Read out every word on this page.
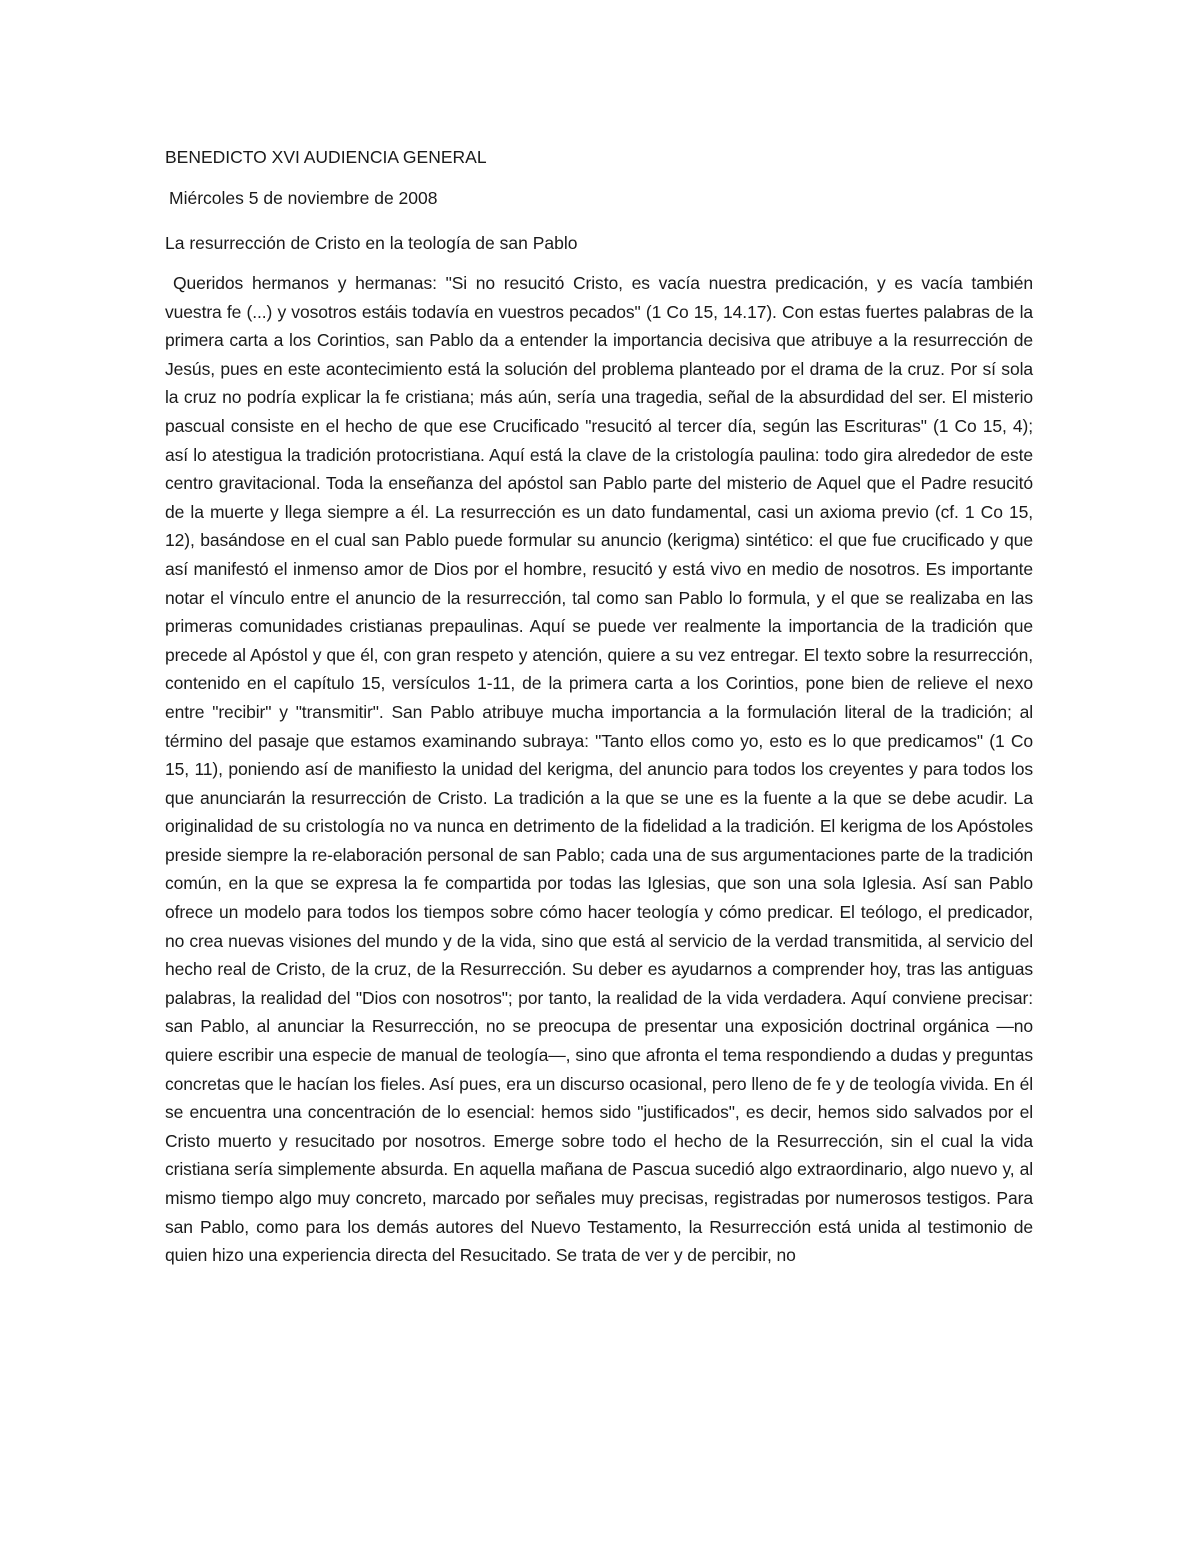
BENEDICTO XVI AUDIENCIA GENERAL

Miércoles 5 de noviembre de 2008

La resurrección de Cristo en la teología de san Pablo

Queridos hermanos y hermanas: "Si no resucitó Cristo, es vacía nuestra predicación, y es vacía también vuestra fe (...) y vosotros estáis todavía en vuestros pecados" (1 Co 15, 14.17). Con estas fuertes palabras de la primera carta a los Corintios, san Pablo da a entender la importancia decisiva que atribuye a la resurrección de Jesús, pues en este acontecimiento está la solución del problema planteado por el drama de la cruz. Por sí sola la cruz no podría explicar la fe cristiana; más aún, sería una tragedia, señal de la absurdidad del ser. El misterio pascual consiste en el hecho de que ese Crucificado "resucitó al tercer día, según las Escrituras" (1 Co 15, 4); así lo atestigua la tradición protocristiana. Aquí está la clave de la cristología paulina: todo gira alrededor de este centro gravitacional. Toda la enseñanza del apóstol san Pablo parte del misterio de Aquel que el Padre resucitó de la muerte y llega siempre a él. La resurrección es un dato fundamental, casi un axioma previo (cf. 1 Co 15, 12), basándose en el cual san Pablo puede formular su anuncio (kerigma) sintético: el que fue crucificado y que así manifestó el inmenso amor de Dios por el hombre, resucitó y está vivo en medio de nosotros. Es importante notar el vínculo entre el anuncio de la resurrección, tal como san Pablo lo formula, y el que se realizaba en las primeras comunidades cristianas prepaulinas. Aquí se puede ver realmente la importancia de la tradición que precede al Apóstol y que él, con gran respeto y atención, quiere a su vez entregar. El texto sobre la resurrección, contenido en el capítulo 15, versículos 1-11, de la primera carta a los Corintios, pone bien de relieve el nexo entre "recibir" y "transmitir". San Pablo atribuye mucha importancia a la formulación literal de la tradición; al término del pasaje que estamos examinando subraya: "Tanto ellos como yo, esto es lo que predicamos" (1 Co 15, 11), poniendo así de manifiesto la unidad del kerigma, del anuncio para todos los creyentes y para todos los que anunciarán la resurrección de Cristo. La tradición a la que se une es la fuente a la que se debe acudir. La originalidad de su cristología no va nunca en detrimento de la fidelidad a la tradición. El kerigma de los Apóstoles preside siempre la re-elaboración personal de san Pablo; cada una de sus argumentaciones parte de la tradición común, en la que se expresa la fe compartida por todas las Iglesias, que son una sola Iglesia. Así san Pablo ofrece un modelo para todos los tiempos sobre cómo hacer teología y cómo predicar. El teólogo, el predicador, no crea nuevas visiones del mundo y de la vida, sino que está al servicio de la verdad transmitida, al servicio del hecho real de Cristo, de la cruz, de la Resurrección. Su deber es ayudarnos a comprender hoy, tras las antiguas palabras, la realidad del "Dios con nosotros"; por tanto, la realidad de la vida verdadera. Aquí conviene precisar: san Pablo, al anunciar la Resurrección, no se preocupa de presentar una exposición doctrinal orgánica —no quiere escribir una especie de manual de teología—, sino que afronta el tema respondiendo a dudas y preguntas concretas que le hacían los fieles. Así pues, era un discurso ocasional, pero lleno de fe y de teología vivida. En él se encuentra una concentración de lo esencial: hemos sido "justificados", es decir, hemos sido salvados por el Cristo muerto y resucitado por nosotros. Emerge sobre todo el hecho de la Resurrección, sin el cual la vida cristiana sería simplemente absurda. En aquella mañana de Pascua sucedió algo extraordinario, algo nuevo y, al mismo tiempo algo muy concreto, marcado por señales muy precisas, registradas por numerosos testigos. Para san Pablo, como para los demás autores del Nuevo Testamento, la Resurrección está unida al testimonio de quien hizo una experiencia directa del Resucitado. Se trata de ver y de percibir, no
